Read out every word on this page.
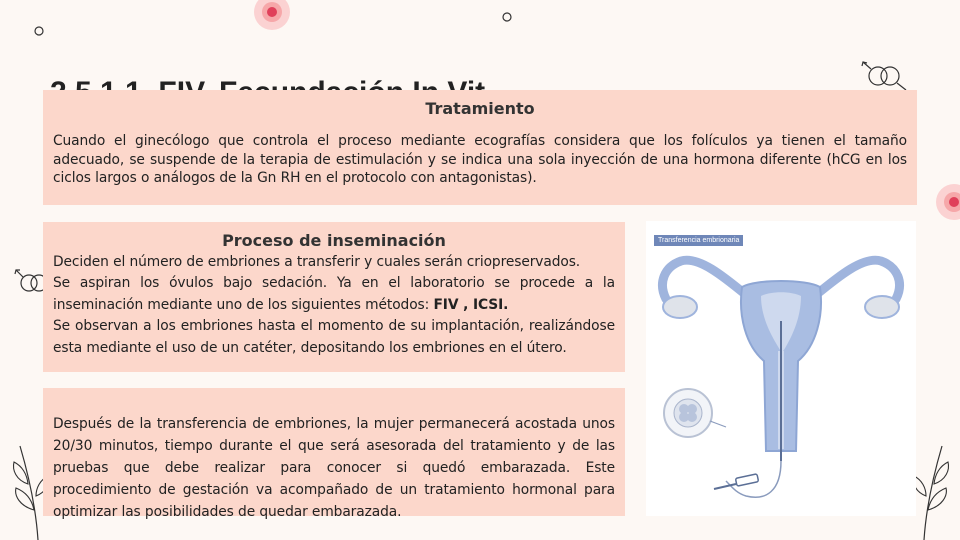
Tratamiento
Cuando el ginecólogo que controla el proceso mediante ecografías considera que los folículos ya tienen el tamaño adecuado, se suspende de la terapia de estimulación y se indica una sola inyección de una hormona diferente (hCG en los ciclos largos o análogos de la Gn RH en el protocolo con antagonistas).
Proceso de inseminación

Deciden el número de embriones a transferir y cuales serán criopreservados.

Se aspiran los óvulos bajo sedación. Ya en el laboratorio se procede a la inseminación mediante uno de los siguientes métodos: FIV , ICSI.

Se observan a los embriones hasta el momento de su implantación, realizándose esta mediante el uso de un catéter, depositando los embriones en el útero.

Después de la transferencia de embriones, la mujer permanecerá acostada unos 20/30 minutos, tiempo durante el que será asesorada del tratamiento y de las pruebas que debe realizar para conocer si quedó embarazada. Este procedimiento de gestación va acompañado de un tratamiento hormonal para optimizar las posibilidades de quedar embarazada.

Transferencia embrionaria
